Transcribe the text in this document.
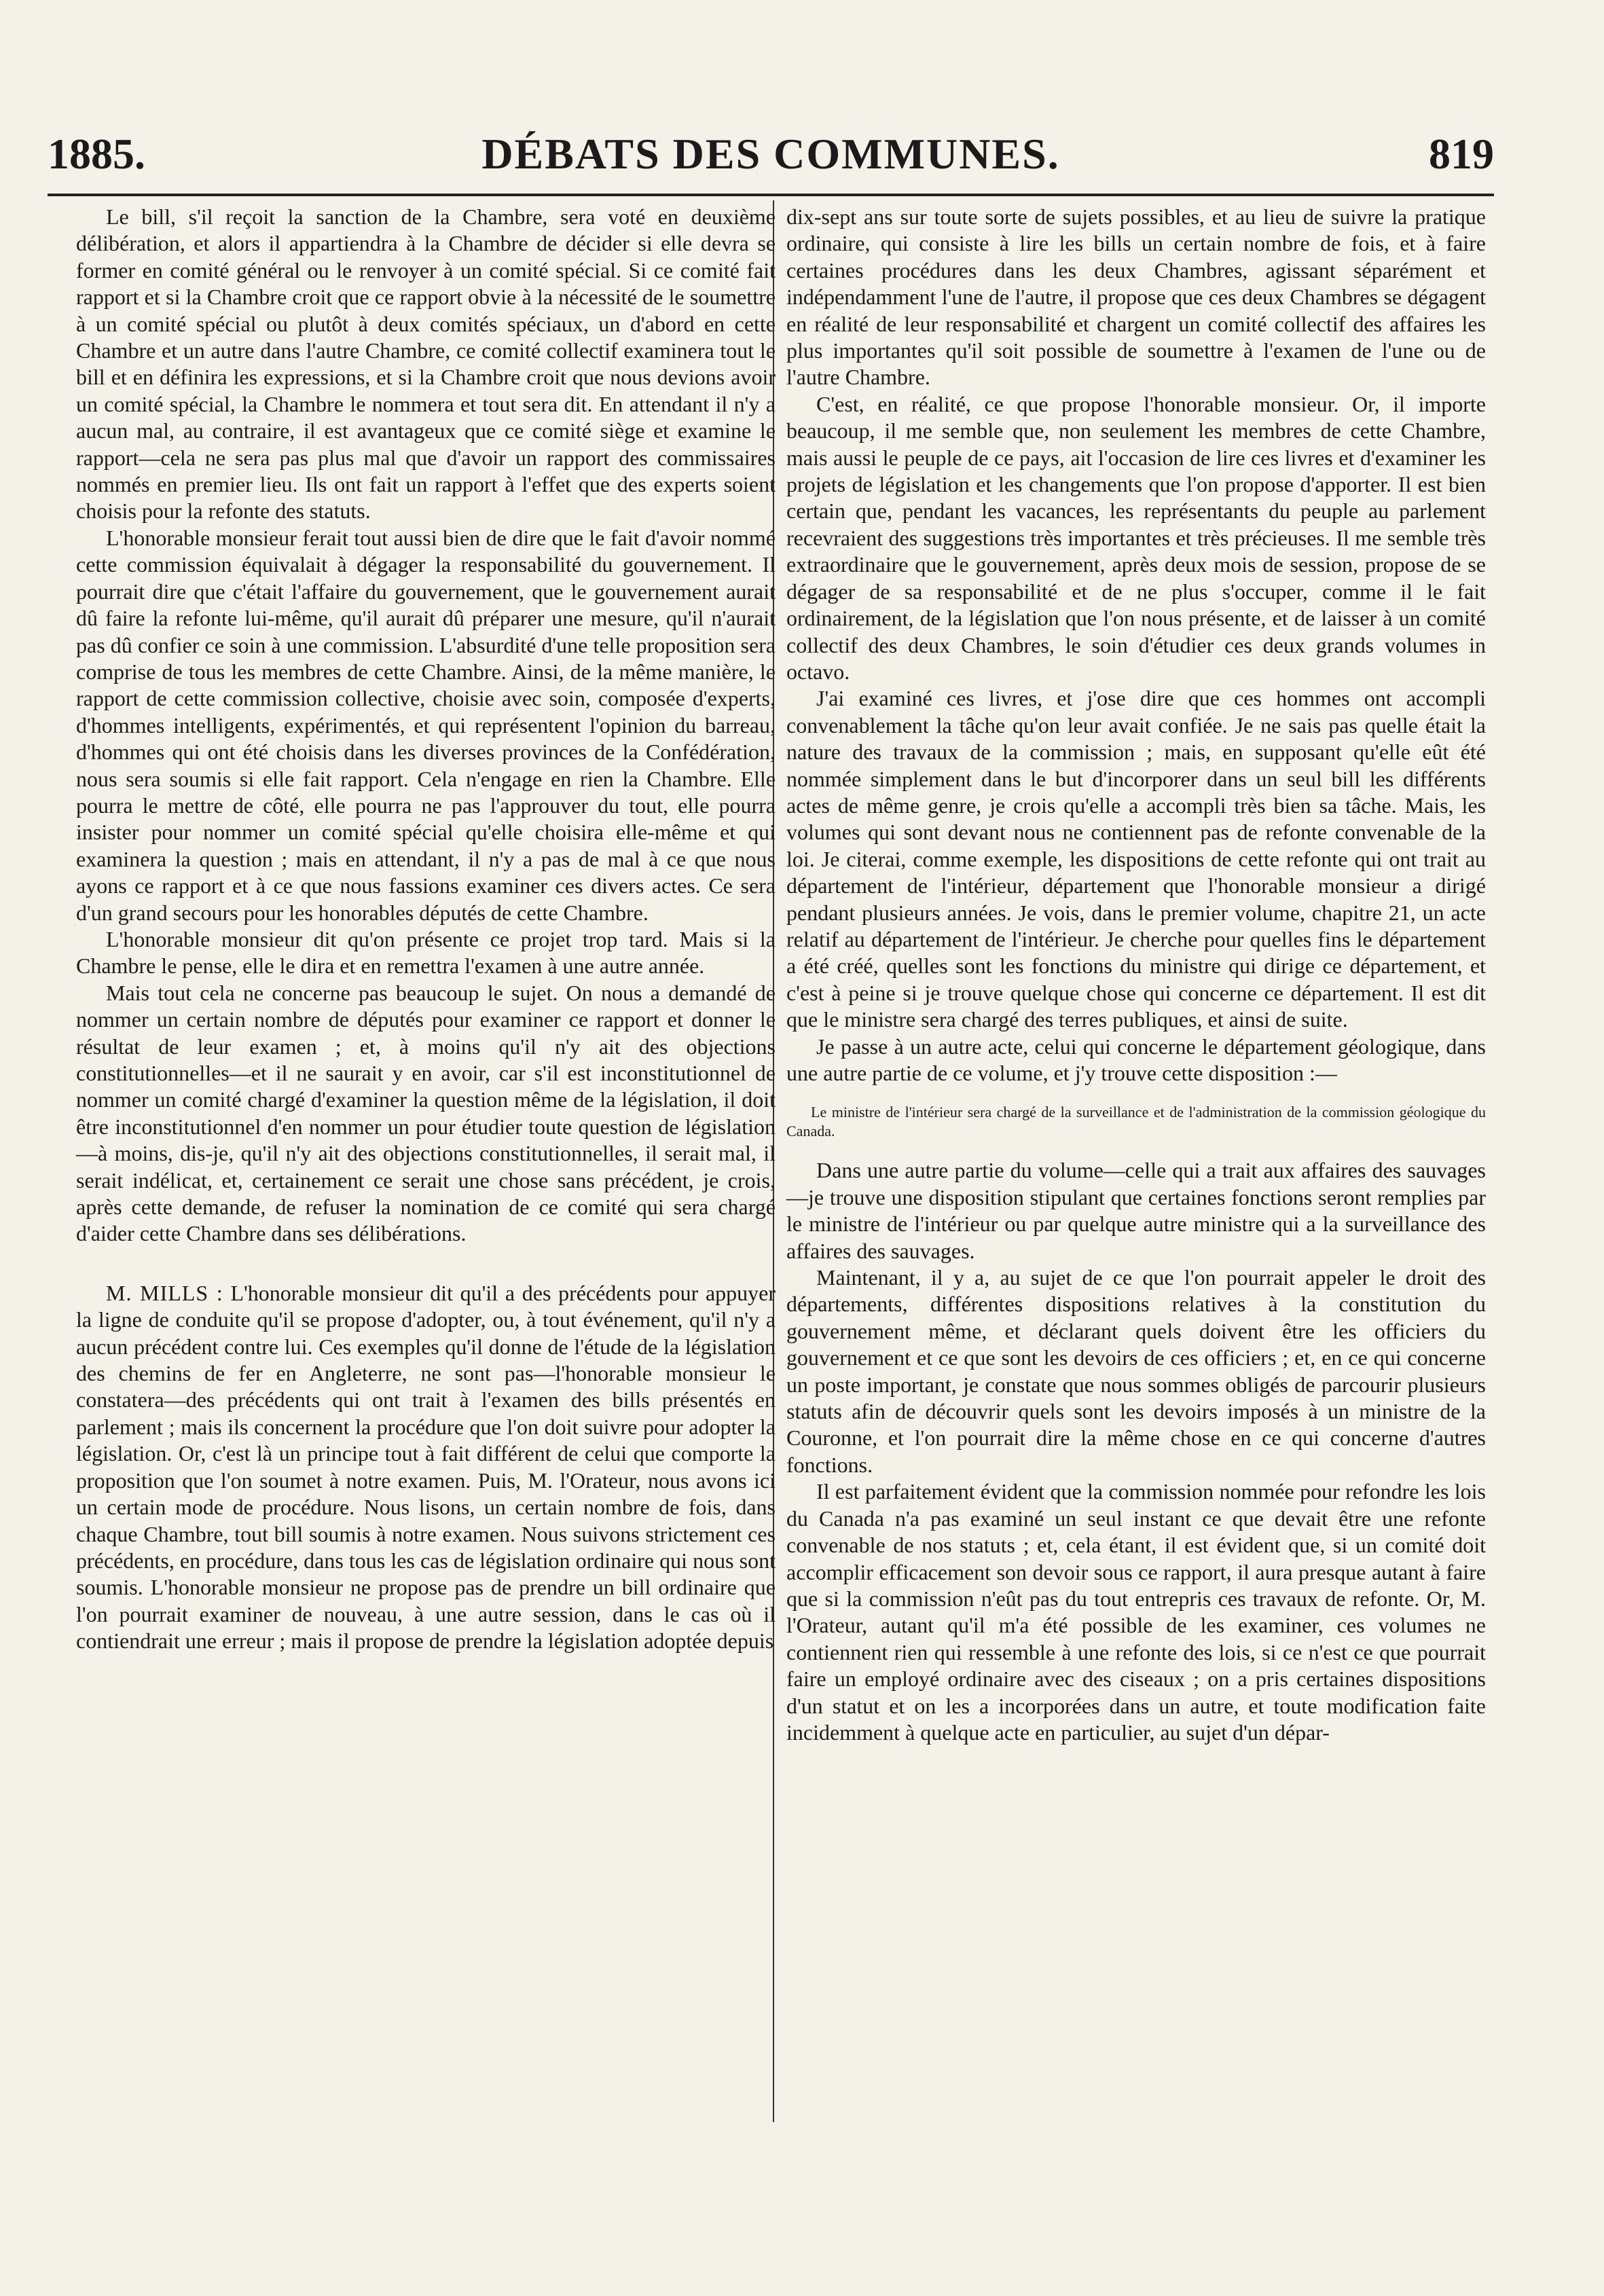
1885.	DÉBATS DES COMMUNES.	819

Le bill, s'il reçoit la sanction de la Chambre, sera voté en deuxième délibération, et alors il appartiendra à la Chambre de décider si elle devra se former en comité général ou le renvoyer à un comité spécial. Si ce comité fait rapport et si la Chambre croit que ce rapport obvie à la nécessité de le soumettre à un comité spécial ou plutôt à deux comités spéciaux, un d'abord en cette Chambre et un autre dans l'autre Chambre, ce comité collectif examinera tout le bill et en définira les expressions, et si la Chambre croit que nous devions avoir un comité spécial, la Chambre le nommera et tout sera dit. En attendant il n'y a aucun mal, au contraire, il est avantageux que ce comité siège et examine le rapport—cela ne sera pas plus mal que d'avoir un rapport des commissaires nommés en premier lieu. Ils ont fait un rapport à l'effet que des experts soient choisis pour la refonte des statuts.

L'honorable monsieur ferait tout aussi bien de dire que le fait d'avoir nommé cette commission équivalait à dégager la responsabilité du gouvernement. Il pourrait dire que c'était l'affaire du gouvernement, que le gouvernement aurait dû faire la refonte lui-même, qu'il aurait dû préparer une mesure, qu'il n'aurait pas dû confier ce soin à une commission. L'absurdité d'une telle proposition sera comprise de tous les membres de cette Chambre. Ainsi, de la même manière, le rapport de cette commission collective, choisie avec soin, composée d'experts, d'hommes intelligents, expérimentés, et qui représentent l'opinion du barreau, d'hommes qui ont été choisis dans les diverses provinces de la Confédération, nous sera soumis si elle fait rapport. Cela n'engage en rien la Chambre. Elle pourra le mettre de côté, elle pourra ne pas l'approuver du tout, elle pourra insister pour nommer un comité spécial qu'elle choisira elle-même et qui examinera la question ; mais en attendant, il n'y a pas de mal à ce que nous ayons ce rapport et à ce que nous fassions examiner ces divers actes. Ce sera d'un grand secours pour les honorables députés de cette Chambre.

L'honorable monsieur dit qu'on présente ce projet trop tard. Mais si la Chambre le pense, elle le dira et en remettra l'examen à une autre année.

Mais tout cela ne concerne pas beaucoup le sujet. On nous a demandé de nommer un certain nombre de députés pour examiner ce rapport et donner le résultat de leur examen ; et, à moins qu'il n'y ait des objections constitutionnelles—et il ne saurait y en avoir, car s'il est inconstitutionnel de nommer un comité chargé d'examiner la question même de la législation, il doit être inconstitutionnel d'en nommer un pour étudier toute question de législation—à moins, dis-je, qu'il n'y ait des objections constitutionnelles, il serait mal, il serait indélicat, et, certainement ce serait une chose sans précédent, je crois, après cette demande, de refuser la nomination de ce comité qui sera chargé d'aider cette Chambre dans ses délibérations.

M. MILLS : L'honorable monsieur dit qu'il a des précédents pour appuyer la ligne de conduite qu'il se propose d'adopter, ou, à tout événement, qu'il n'y a aucun précédent contre lui. Ces exemples qu'il donne de l'étude de la législation des chemins de fer en Angleterre, ne sont pas—l'honorable monsieur le constatera—des précédents qui ont trait à l'examen des bills présentés en parlement ; mais ils concernent la procédure que l'on doit suivre pour adopter la législation. Or, c'est là un principe tout à fait différent de celui que comporte la proposition que l'on soumet à notre examen. Puis, M. l'Orateur, nous avons ici un certain mode de procédure. Nous lisons, un certain nombre de fois, dans chaque Chambre, tout bill soumis à notre examen. Nous suivons strictement ces précédents, en procédure, dans tous les cas de législation ordinaire qui nous sont soumis. L'honorable monsieur ne propose pas de prendre un bill ordinaire que l'on pourrait examiner de nouveau, à une autre session, dans le cas où il contiendrait une erreur ; mais il propose de prendre la législation adoptée depuis

dix-sept ans sur toute sorte de sujets possibles, et au lieu de suivre la pratique ordinaire, qui consiste à lire les bills un certain nombre de fois, et à faire certaines procédures dans les deux Chambres, agissant séparément et indépendamment l'une de l'autre, il propose que ces deux Chambres se dégagent en réalité de leur responsabilité et chargent un comité collectif des affaires les plus importantes qu'il soit possible de soumettre à l'examen de l'une ou de l'autre Chambre.

C'est, en réalité, ce que propose l'honorable monsieur. Or, il importe beaucoup, il me semble que, non seulement les membres de cette Chambre, mais aussi le peuple de ce pays, ait l'occasion de lire ces livres et d'examiner les projets de législation et les changements que l'on propose d'apporter. Il est bien certain que, pendant les vacances, les représentants du peuple au parlement recevraient des suggestions très importantes et très précieuses. Il me semble très extraordinaire que le gouvernement, après deux mois de session, propose de se dégager de sa responsabilité et de ne plus s'occuper, comme il le fait ordinairement, de la législation que l'on nous présente, et de laisser à un comité collectif des deux Chambres, le soin d'étudier ces deux grands volumes in octavo.

J'ai examiné ces livres, et j'ose dire que ces hommes ont accompli convenablement la tâche qu'on leur avait confiée. Je ne sais pas quelle était la nature des travaux de la commission ; mais, en supposant qu'elle eût été nommée simplement dans le but d'incorporer dans un seul bill les différents actes de même genre, je crois qu'elle a accompli très bien sa tâche. Mais, les volumes qui sont devant nous ne contiennent pas de refonte convenable de la loi. Je citerai, comme exemple, les dispositions de cette refonte qui ont trait au département de l'intérieur, département que l'honorable monsieur a dirigé pendant plusieurs années. Je vois, dans le premier volume, chapitre 21, un acte relatif au département de l'intérieur. Je cherche pour quelles fins le département a été créé, quelles sont les fonctions du ministre qui dirige ce département, et c'est à peine si je trouve quelque chose qui concerne ce département. Il est dit que le ministre sera chargé des terres publiques, et ainsi de suite.

Je passe à un autre acte, celui qui concerne le département géologique, dans une autre partie de ce volume, et j'y trouve cette disposition :—

Le ministre de l'intérieur sera chargé de la surveillance et de l'administration de la commission géologique du Canada.

Dans une autre partie du volume—celle qui a trait aux affaires des sauvages—je trouve une disposition stipulant que certaines fonctions seront remplies par le ministre de l'intérieur ou par quelque autre ministre qui a la surveillance des affaires des sauvages.

Maintenant, il y a, au sujet de ce que l'on pourrait appeler le droit des départements, différentes dispositions relatives à la constitution du gouvernement même, et déclarant quels doivent être les officiers du gouvernement et ce que sont les devoirs de ces officiers ; et, en ce qui concerne un poste important, je constate que nous sommes obligés de parcourir plusieurs statuts afin de découvrir quels sont les devoirs imposés à un ministre de la Couronne, et l'on pourrait dire la même chose en ce qui concerne d'autres fonctions.

Il est parfaitement évident que la commission nommée pour refondre les lois du Canada n'a pas examiné un seul instant ce que devait être une refonte convenable de nos statuts ; et, cela étant, il est évident que, si un comité doit accomplir efficacement son devoir sous ce rapport, il aura presque autant à faire que si la commission n'eût pas du tout entrepris ces travaux de refonte. Or, M. l'Orateur, autant qu'il m'a été possible de les examiner, ces volumes ne contiennent rien qui ressemble à une refonte des lois, si ce n'est ce que pourrait faire un employé ordinaire avec des ciseaux ; on a pris certaines dispositions d'un statut et on les a incorporées dans un autre, et toute modification faite incidemment à quelque acte en particulier, au sujet d'un dépar-
